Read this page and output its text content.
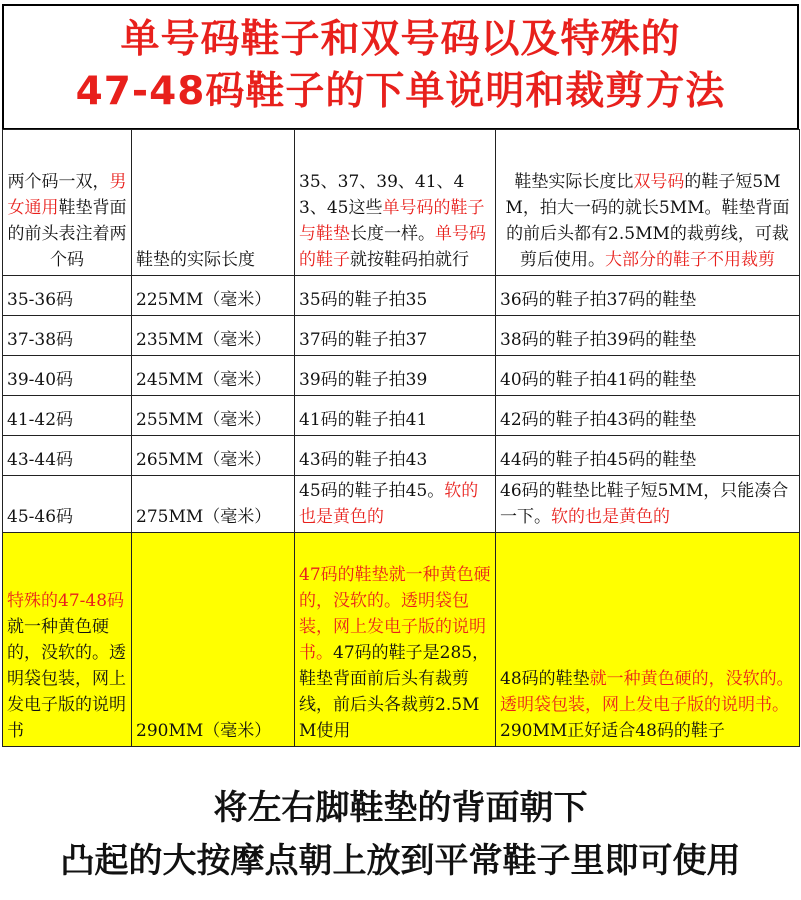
单号码鞋子和双号码以及特殊的
47-48码鞋子的下单说明和裁剪方法
两个码一双，男女通用鞋垫背面的前头表注着两个码	鞋垫的实际长度	35、37、39、41、43、45这些单号码的鞋子与鞋垫长度一样。单号码的鞋子就按鞋码拍就行	鞋垫实际长度比双号码的鞋子短5MM，拍大一码的就长5MM。鞋垫背面的前后头都有2.5MM的裁剪线，可裁剪后使用。大部分的鞋子不用裁剪
35-36码	225MM（毫米）	35码的鞋子拍35	36码的鞋子拍37码的鞋垫
37-38码	235MM（毫米）	37码的鞋子拍37	38码的鞋子拍39码的鞋垫
39-40码	245MM（毫米）	39码的鞋子拍39	40码的鞋子拍41码的鞋垫
41-42码	255MM（毫米）	41码的鞋子拍41	42码的鞋子拍43码的鞋垫
43-44码	265MM（毫米）	43码的鞋子拍43	44码的鞋子拍45码的鞋垫
45-46码	275MM（毫米）	45码的鞋子拍45。软的也是黄色的	46码的鞋垫比鞋子短5MM，只能凑合一下。软的也是黄色的
特殊的47-48码就一种黄色硬的，没软的。透明袋包装，网上发电子版的说明书	290MM（毫米）	47码的鞋垫就一种黄色硬的，没软的。透明袋包装，网上发电子版的说明书。47码的鞋子是285，鞋垫背面前后头有裁剪线，前后头各裁剪2.5MM使用	48码的鞋垫就一种黄色硬的，没软的。透明袋包装，网上发电子版的说明书。290MM正好适合48码的鞋子
将左右脚鞋垫的背面朝下
凸起的大按摩点朝上放到平常鞋子里即可使用
